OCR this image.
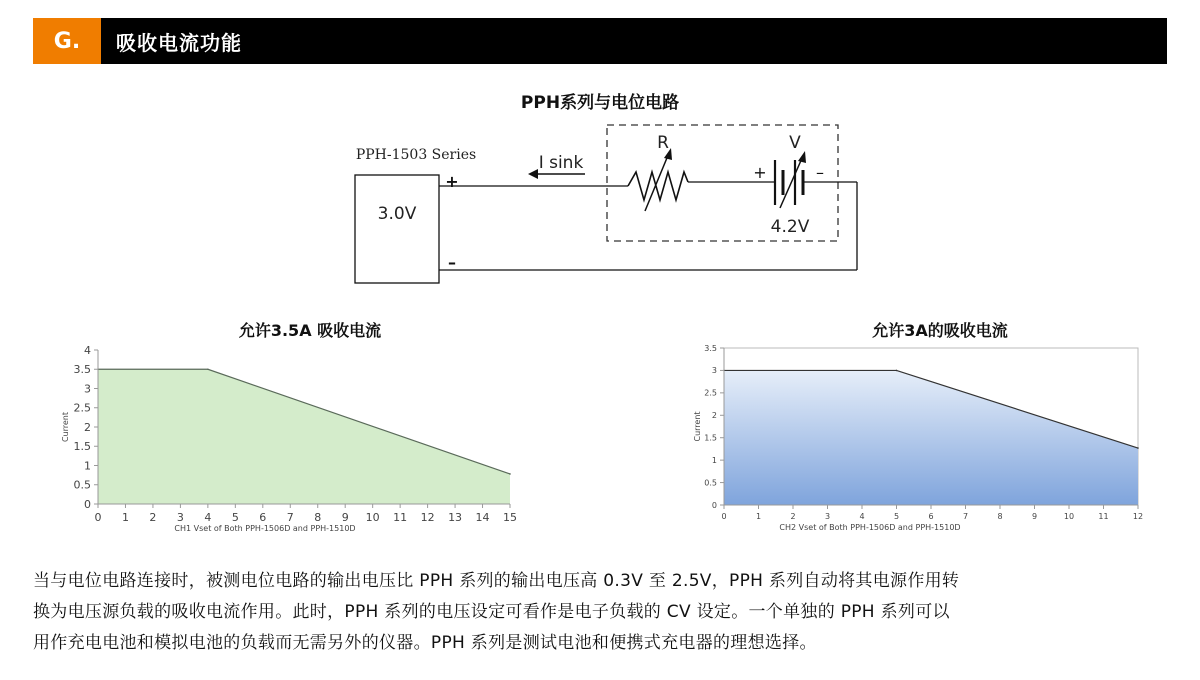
G.	吸收电流功能
PPH系列与电位电路
PPH-1503 Series
3.0V
+
–
I sink
R
+
V
–
4.2V
允许3.5A 吸收电流	允许3A的吸收电流
0
0.5
1
1.5
2
2.5
3
3.5
4
0 1 2 3 4 5 6 7 8 9 10 11 12 13 14 15
CH1 Vset of Both PPH-1506D and PPH-1510D
Current
0
0.5
1
1.5
2
2.5
3
3.5
0	1	2	3	4	5	6	7	8	9	10	11	12
CH2 Vset of Both PPH-1506D and PPH-1510D
Current

当与电位电路连接时，被测电位电路的输出电压比 PPH 系列的输出电压高 0.3V 至 2.5V，PPH 系列自动将其电源作用转

换为电压源负载的吸收电流作用。此时，PPH 系列的电压设定可看作是电子负载的 CV 设定。一个单独的 PPH 系列可以

用作充电电池和模拟电池的负载而无需另外的仪器。PPH 系列是测试电池和便携式充电器的理想选择。
